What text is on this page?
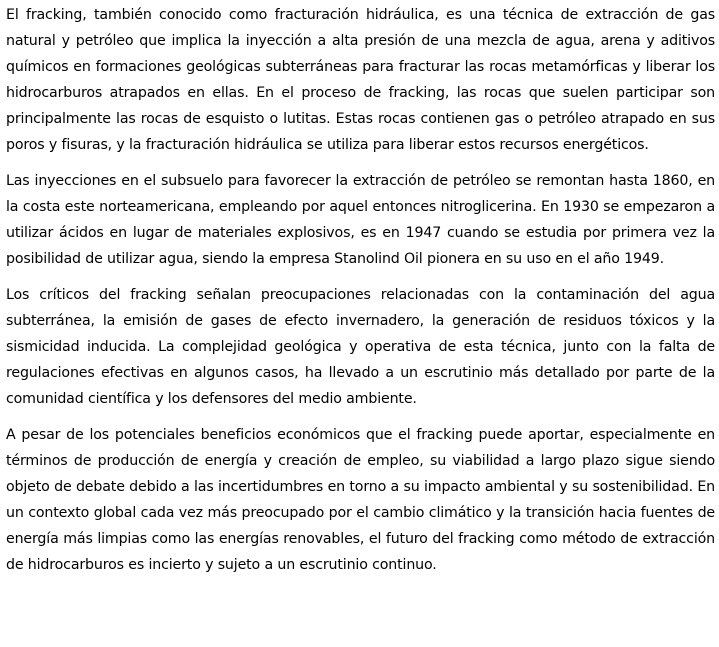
El fracking, también conocido como fracturación hidráulica, es una técnica de extracción de gas natural y petróleo que implica la inyección a alta presión de una mezcla de agua, arena y aditivos químicos en formaciones geológicas subterráneas para fracturar las rocas metamórficas y liberar los hidrocarburos atrapados en ellas. En el proceso de fracking, las rocas que suelen participar son principalmente las rocas de esquisto o lutitas. Estas rocas contienen gas o petróleo atrapado en sus poros y fisuras, y la fracturación hidráulica se utiliza para liberar estos recursos energéticos.

Las inyecciones en el subsuelo para favorecer la extracción de petróleo se remontan hasta 1860, en la costa este norteamericana, empleando por aquel entonces nitroglicerina. En 1930 se empezaron a utilizar ácidos en lugar de materiales explosivos, es en 1947 cuando se estudia por primera vez la posibilidad de utilizar agua, siendo la empresa Stanolind Oil pionera en su uso en el año 1949.

Los críticos del fracking señalan preocupaciones relacionadas con la contaminación del agua subterránea, la emisión de gases de efecto invernadero, la generación de residuos tóxicos y la sismicidad inducida. La complejidad geológica y operativa de esta técnica, junto con la falta de regulaciones efectivas en algunos casos, ha llevado a un escrutinio más detallado por parte de la comunidad científica y los defensores del medio ambiente.

A pesar de los potenciales beneficios económicos que el fracking puede aportar, especialmente en términos de producción de energía y creación de empleo, su viabilidad a largo plazo sigue siendo objeto de debate debido a las incertidumbres en torno a su impacto ambiental y su sostenibilidad. En un contexto global cada vez más preocupado por el cambio climático y la transición hacia fuentes de energía más limpias como las energías renovables, el futuro del fracking como método de extracción de hidrocarburos es incierto y sujeto a un escrutinio continuo.
